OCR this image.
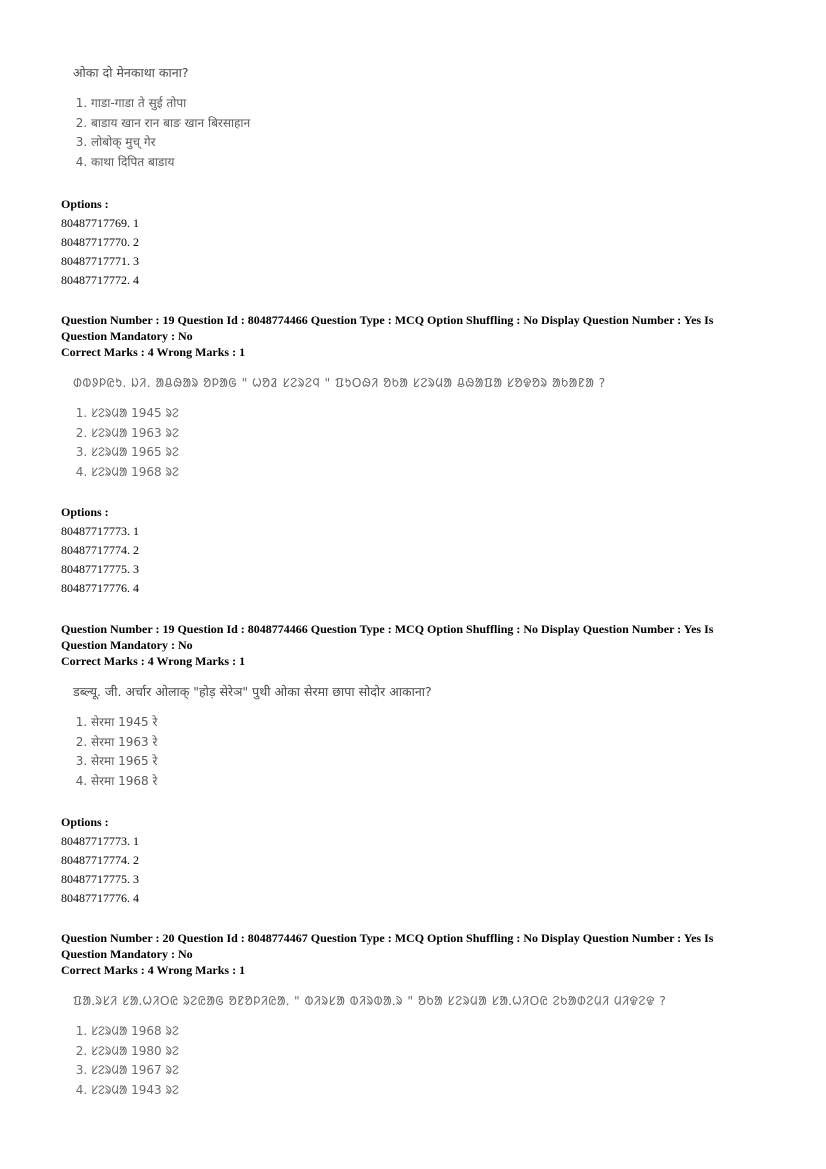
ओका दो मेनकाथा काना?
1. गाडा-गाडा ते सुई तोपा
2. बाडाय खान रान बाङ खान बिरसाहान
3. लोबोक् मुच् गेर
4. काथा दिपित बाडाय

Options :

80487717769. 1

80487717770. 2

80487717771. 3

80487717772. 4

Question Number : 19 Question Id : 8048774466 Question Type : MCQ Option Shuffling : No Display Question Number : Yes Is

Question Mandatory : No

Correct Marks : 4 Wrong Marks : 1

ᱰᱵᱽᱞᱭᱩ. ᱡᱤ. ᱟᱪᱷᱟᱨ ᱚᱞᱟᱜ " ᱦᱚᱲ ᱥᱮᱨᱮᱧ " ᱯᱩᱛᱷᱤ ᱚᱠᱟ ᱥᱮᱨᱢᱟ ᱪᱷᱟᱯᱟ ᱥᱚᱫᱚᱨ ᱟᱠᱟᱱᱟ ?
1. ᱥᱮᱨᱢᱟ 1945 ᱨᱮ
2. ᱥᱮᱨᱢᱟ 1963 ᱨᱮ
3. ᱥᱮᱨᱢᱟ 1965 ᱨᱮ
4. ᱥᱮᱨᱢᱟ 1968 ᱨᱮ

Options :

80487717773. 1

80487717774. 2

80487717775. 3

80487717776. 4

Question Number : 19 Question Id : 8048774466 Question Type : MCQ Option Shuffling : No Display Question Number : Yes Is

Question Mandatory : No

Correct Marks : 4 Wrong Marks : 1

डब्ल्यू. जी. अर्चार ओलाक् "होड़ सेरेञ" पुथी ओका सेरमा छापा सोदोर आकाना?
1. सेरमा 1945 रे
2. सेरमा 1963 रे
3. सेरमा 1965 रे
4. सेरमा 1968 रे

Options :

80487717773. 1

80487717774. 2

80487717775. 3

80487717776. 4

Question Number : 20 Question Id : 8048774467 Question Type : MCQ Option Shuffling : No Display Question Number : Yes Is

Question Mandatory : No

Correct Marks : 4 Wrong Marks : 1

ᱯᱟᱹᱨᱥᱤ ᱥᱟᱹᱦᱤᱛᱭ ᱨᱮᱭᱟᱜ ᱚᱱᱚᱞᱤᱭᱟᱹ " ᱵᱤᱨᱥᱟ ᱵᱤᱨᱵᱟᱹᱨ " ᱚᱠᱟ ᱥᱮᱨᱢᱟ ᱥᱟᱹᱦᱤᱛᱭ ᱮᱠᱟᱰᱮᱢᱤ ᱢᱤᱫᱮᱫ ?
1. ᱥᱮᱨᱢᱟ 1968 ᱨᱮ
2. ᱥᱮᱨᱢᱟ 1980 ᱨᱮ
3. ᱥᱮᱨᱢᱟ 1967 ᱨᱮ
4. ᱥᱮᱨᱢᱟ 1943 ᱨᱮ
